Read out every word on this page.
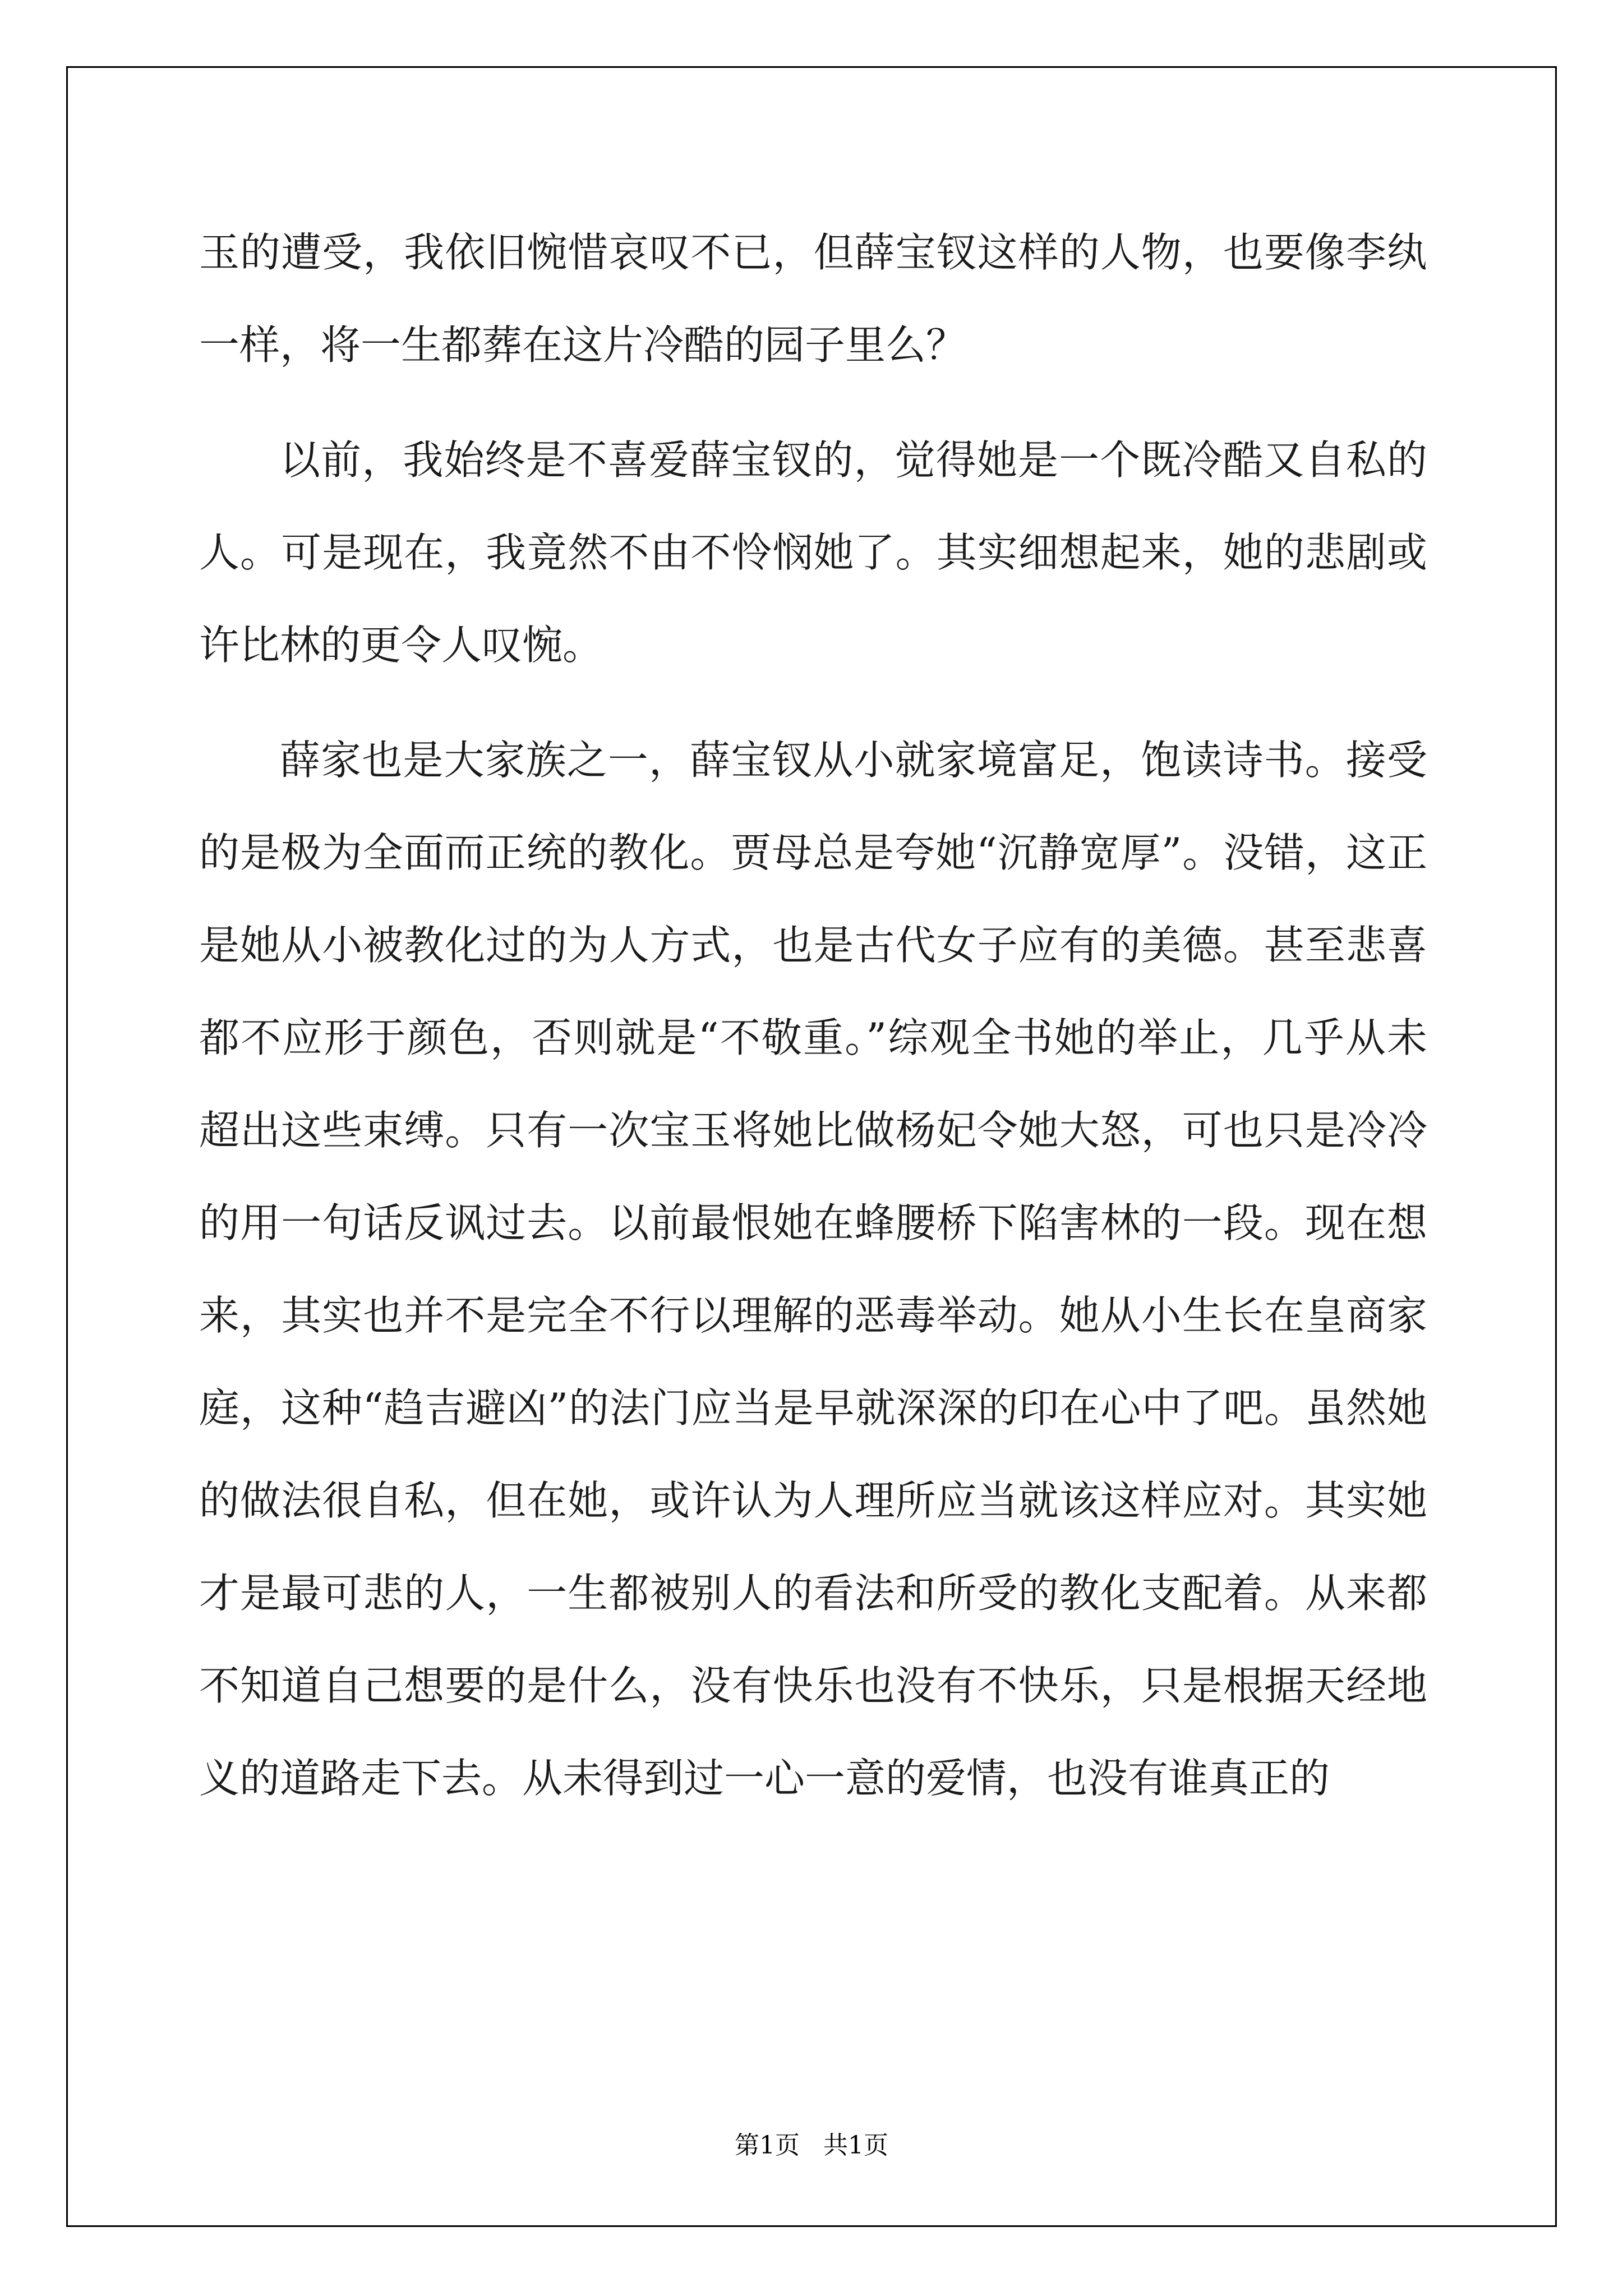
玉的遭受，我依旧惋惜哀叹不已，但薛宝钗这样的人物，也要像李纨一样，将一生都葬在这片冷酷的园子里么？

以前，我始终是不喜爱薛宝钗的，觉得她是一个既冷酷又自私的人。可是现在，我竟然不由不怜悯她了。其实细想起来，她的悲剧或许比林的更令人叹惋。

薛家也是大家族之一，薛宝钗从小就家境富足，饱读诗书。接受的是极为全面而正统的教化。贾母总是夸她“沉静宽厚”。没错，这正是她从小被教化过的为人方式，也是古代女子应有的美德。甚至悲喜都不应形于颜色，否则就是“不敬重。”综观全书她的举止，几乎从未超出这些束缚。只有一次宝玉将她比做杨妃令她大怒，可也只是冷冷的用一句话反讽过去。以前最恨她在蜂腰桥下陷害林的一段。现在想来，其实也并不是完全不行以理解的恶毒举动。她从小生长在皇商家庭，这种“趋吉避凶”的法门应当是早就深深的印在心中了吧。虽然她的做法很自私，但在她，或许认为人理所应当就该这样应对。其实她才是最可悲的人，一生都被别人的看法和所受的教化支配着。从来都不知道自己想要的是什么，没有快乐也没有不快乐，只是根据天经地义的道路走下去。从未得到过一心一意的爱情，也没有谁真正的

第1页   共1页
